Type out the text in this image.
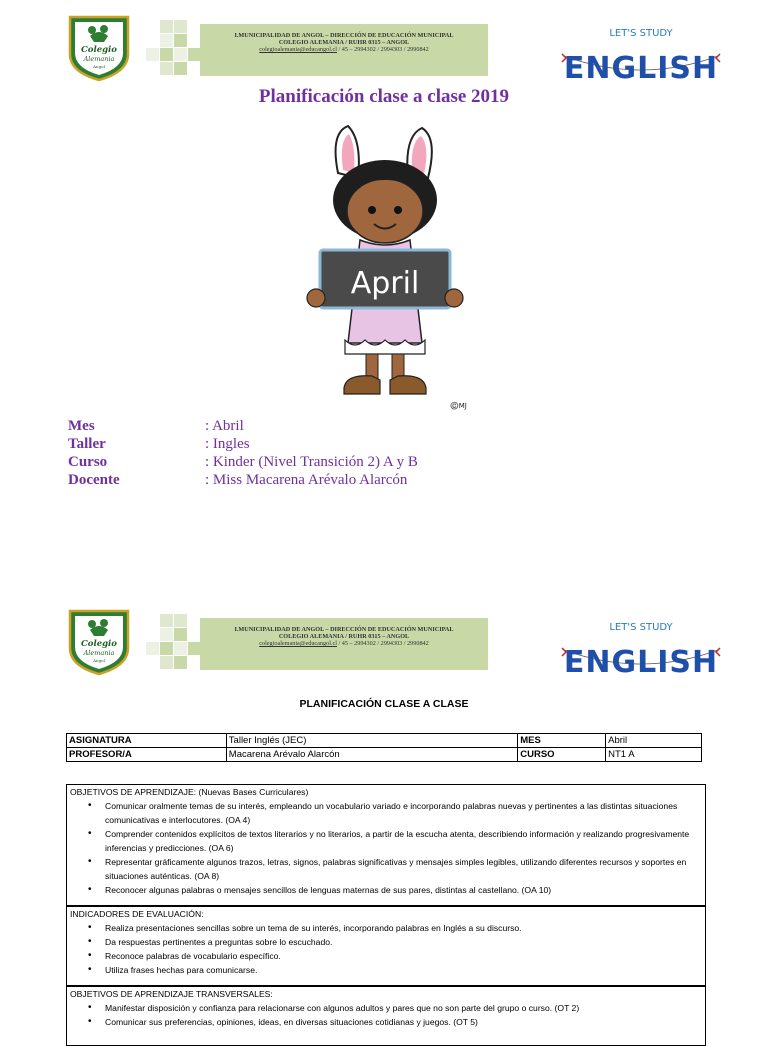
Colegio
Alemania
Angol
I.MUNICIPALIDAD DE ANGOL – DIRECCIÓN DE EDUCACIÓN MUNICIPAL
COLEGIO ALEMANIA / RUHR 0315 – ANGOL
colegioalemania@educangol.cl / 45 – 2994302 / 2994303 / 2990842
LET'S STUDY
ENGLISH
Planificación clase a clase 2019
April
©️MJ
Mes	: Abril
Taller	: Ingles
Curso	: Kinder (Nivel Transición 2) A y B
Docente	: Miss Macarena Arévalo Alarcón
Colegio
Alemania
Angol
I.MUNICIPALIDAD DE ANGOL – DIRECCIÓN DE EDUCACIÓN MUNICIPAL
COLEGIO ALEMANIA / RUHR 0315 – ANGOL
colegioalemania@educangol.cl / 45 – 2994302 / 2994303 / 2990842
LET'S STUDY
ENGLISH
PLANIFICACIÓN CLASE A CLASE
ASIGNATURA	Taller Inglés (JEC)	MES	Abril
PROFESOR/A	Macarena Arévalo Alarcón	CURSO	NT1 A
OBJETIVOS DE APRENDIZAJE: (Nuevas Bases Curriculares)
• Comunicar oralmente temas de su interés, empleando un vocabulario variado e incorporando palabras nuevas y pertinentes a las distintas situaciones comunicativas e interlocutores. (OA 4)
• Comprender contenidos explícitos de textos literarios y no literarios, a partir de la escucha atenta, describiendo información y realizando progresivamente inferencias y predicciones. (OA 6)
• Representar gráficamente algunos trazos, letras, signos, palabras significativas y mensajes simples legibles, utilizando diferentes recursos y soportes en situaciones auténticas. (OA 8)
• Reconocer algunas palabras o mensajes sencillos de lenguas maternas de sus pares, distintas al castellano. (OA 10)
INDICADORES DE EVALUACIÓN:
• Realiza presentaciones sencillas sobre un tema de su interés, incorporando palabras en Inglés a su discurso.
• Da respuestas pertinentes a preguntas sobre lo escuchado.
• Reconoce palabras de vocabulario específico.
• Utiliza frases hechas para comunicarse.
OBJETIVOS DE APRENDIZAJE TRANSVERSALES:
• Manifestar disposición y confianza para relacionarse con algunos adultos y pares que no son parte del grupo o curso. (OT 2)
• Comunicar sus preferencias, opiniones, ideas, en diversas situaciones cotidianas y juegos. (OT 5)
